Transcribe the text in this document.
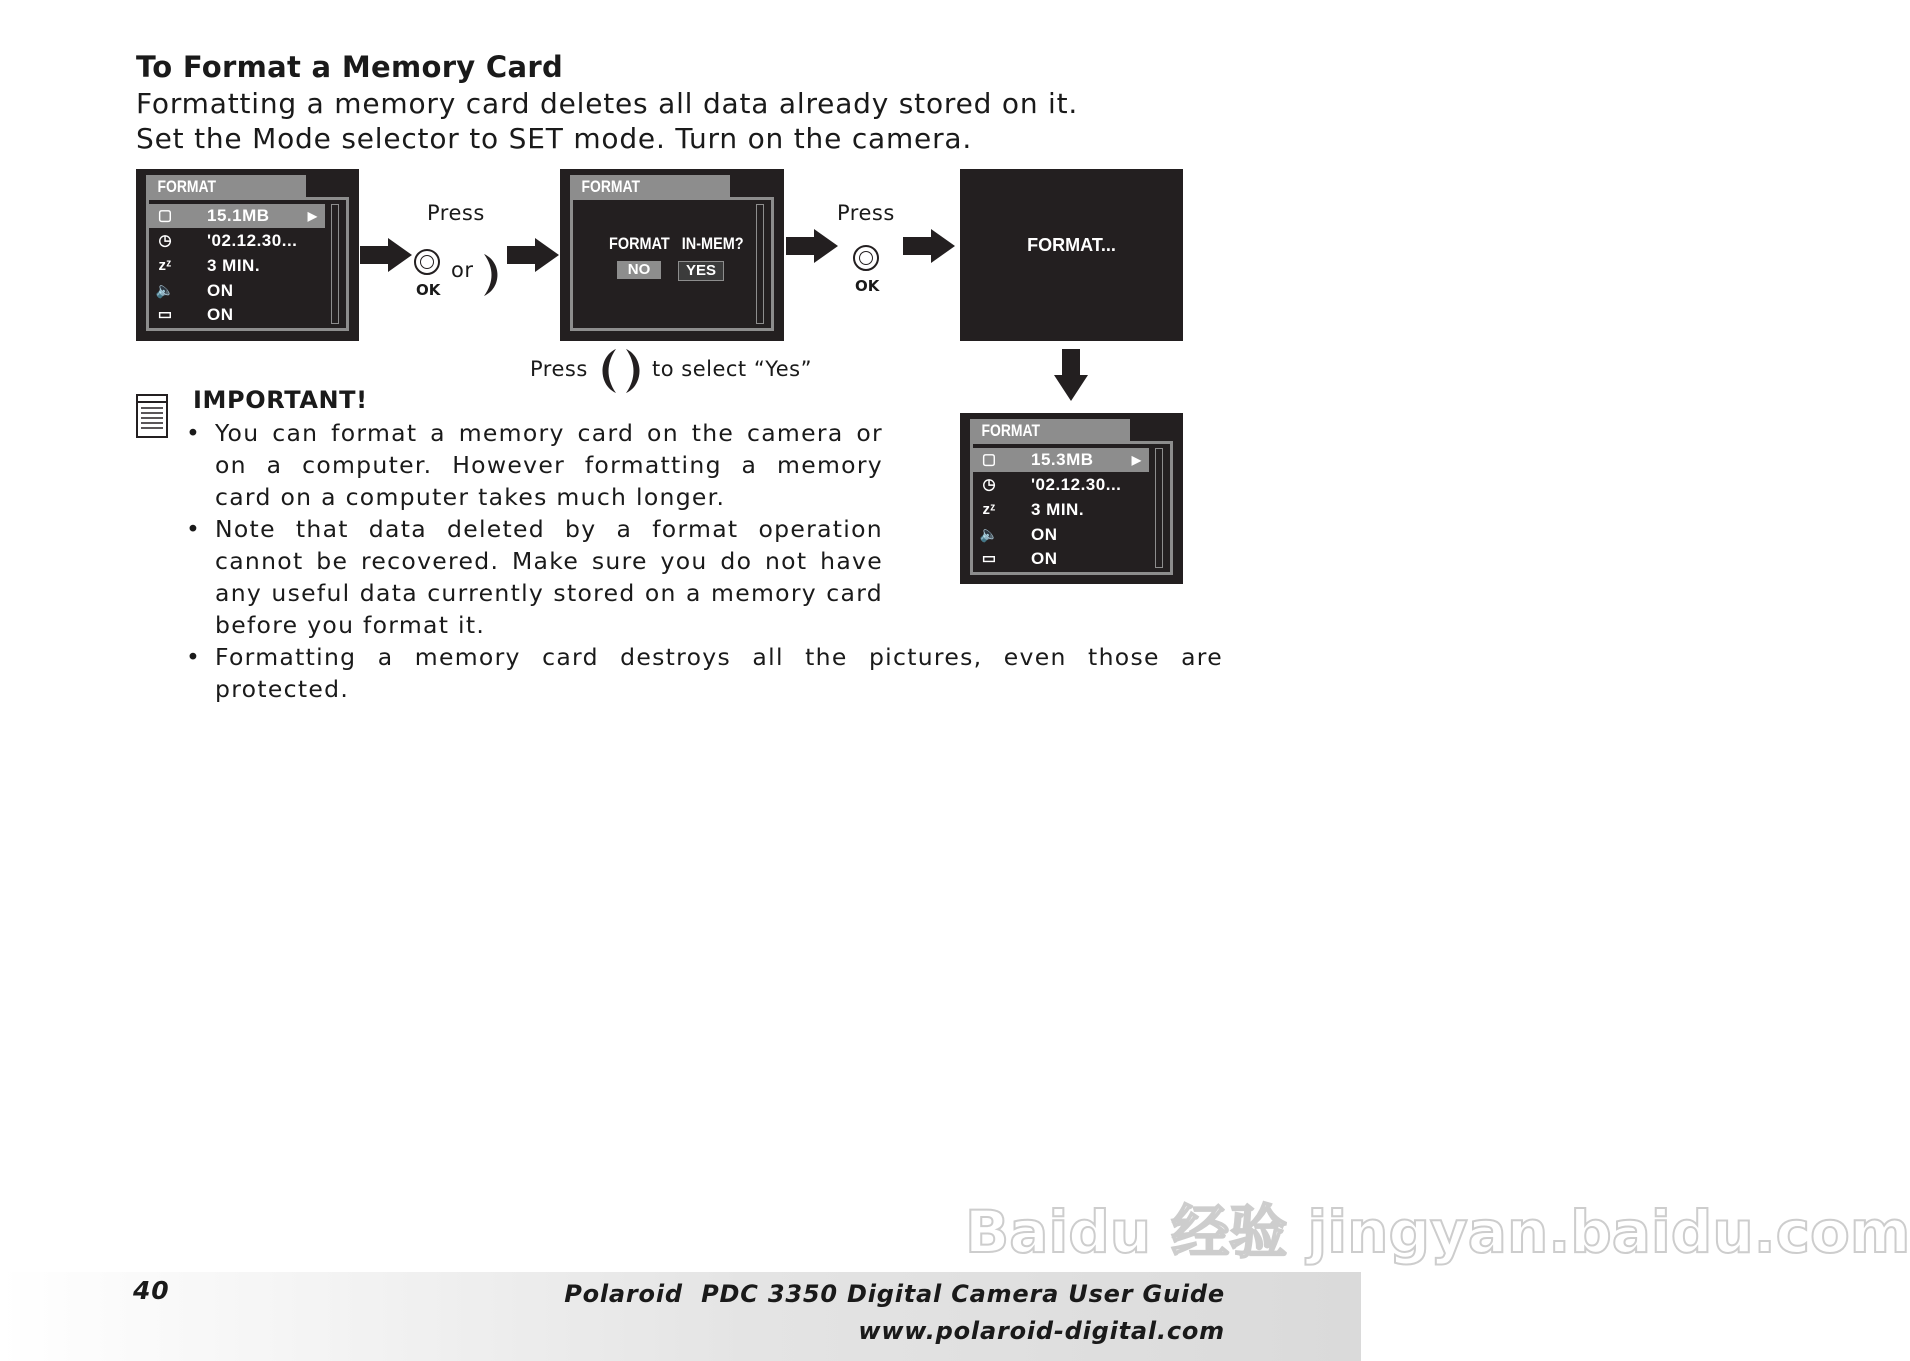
To Format a Memory Card
Formatting a memory card deletes all data already stored on it.
Set the Mode selector to SET mode. Turn on the camera.
FORMAT
▢ 15.1MB	▶
◷	'02.12.30...
zᶻ	3 MIN.
🔈 ON
▭ ON
Press
OK
or
FORMAT
FORMAT   IN-MEM?
NO	YES
Press
OK
FORMAT...
Press	to select “Yes”
FORMAT
▢ 15.3MB	▶
◷	'02.12.30...
zᶻ	3 MIN.
🔈 ON
▭ ON
IMPORTANT!
• You can format a memory card on the camera or
on a computer. However formatting a memory
card on a computer takes much longer.
• Note that data deleted by a format operation
cannot be recovered. Make sure you do not have
any useful data currently stored on a memory card
before you format it.
• Formatting a memory card destroys all the pictures, even those are
protected.
40	Polaroid  PDC 3350 Digital Camera User Guide
www.polaroid-digital.com
Baidu 经验 jingyan.baidu.com
